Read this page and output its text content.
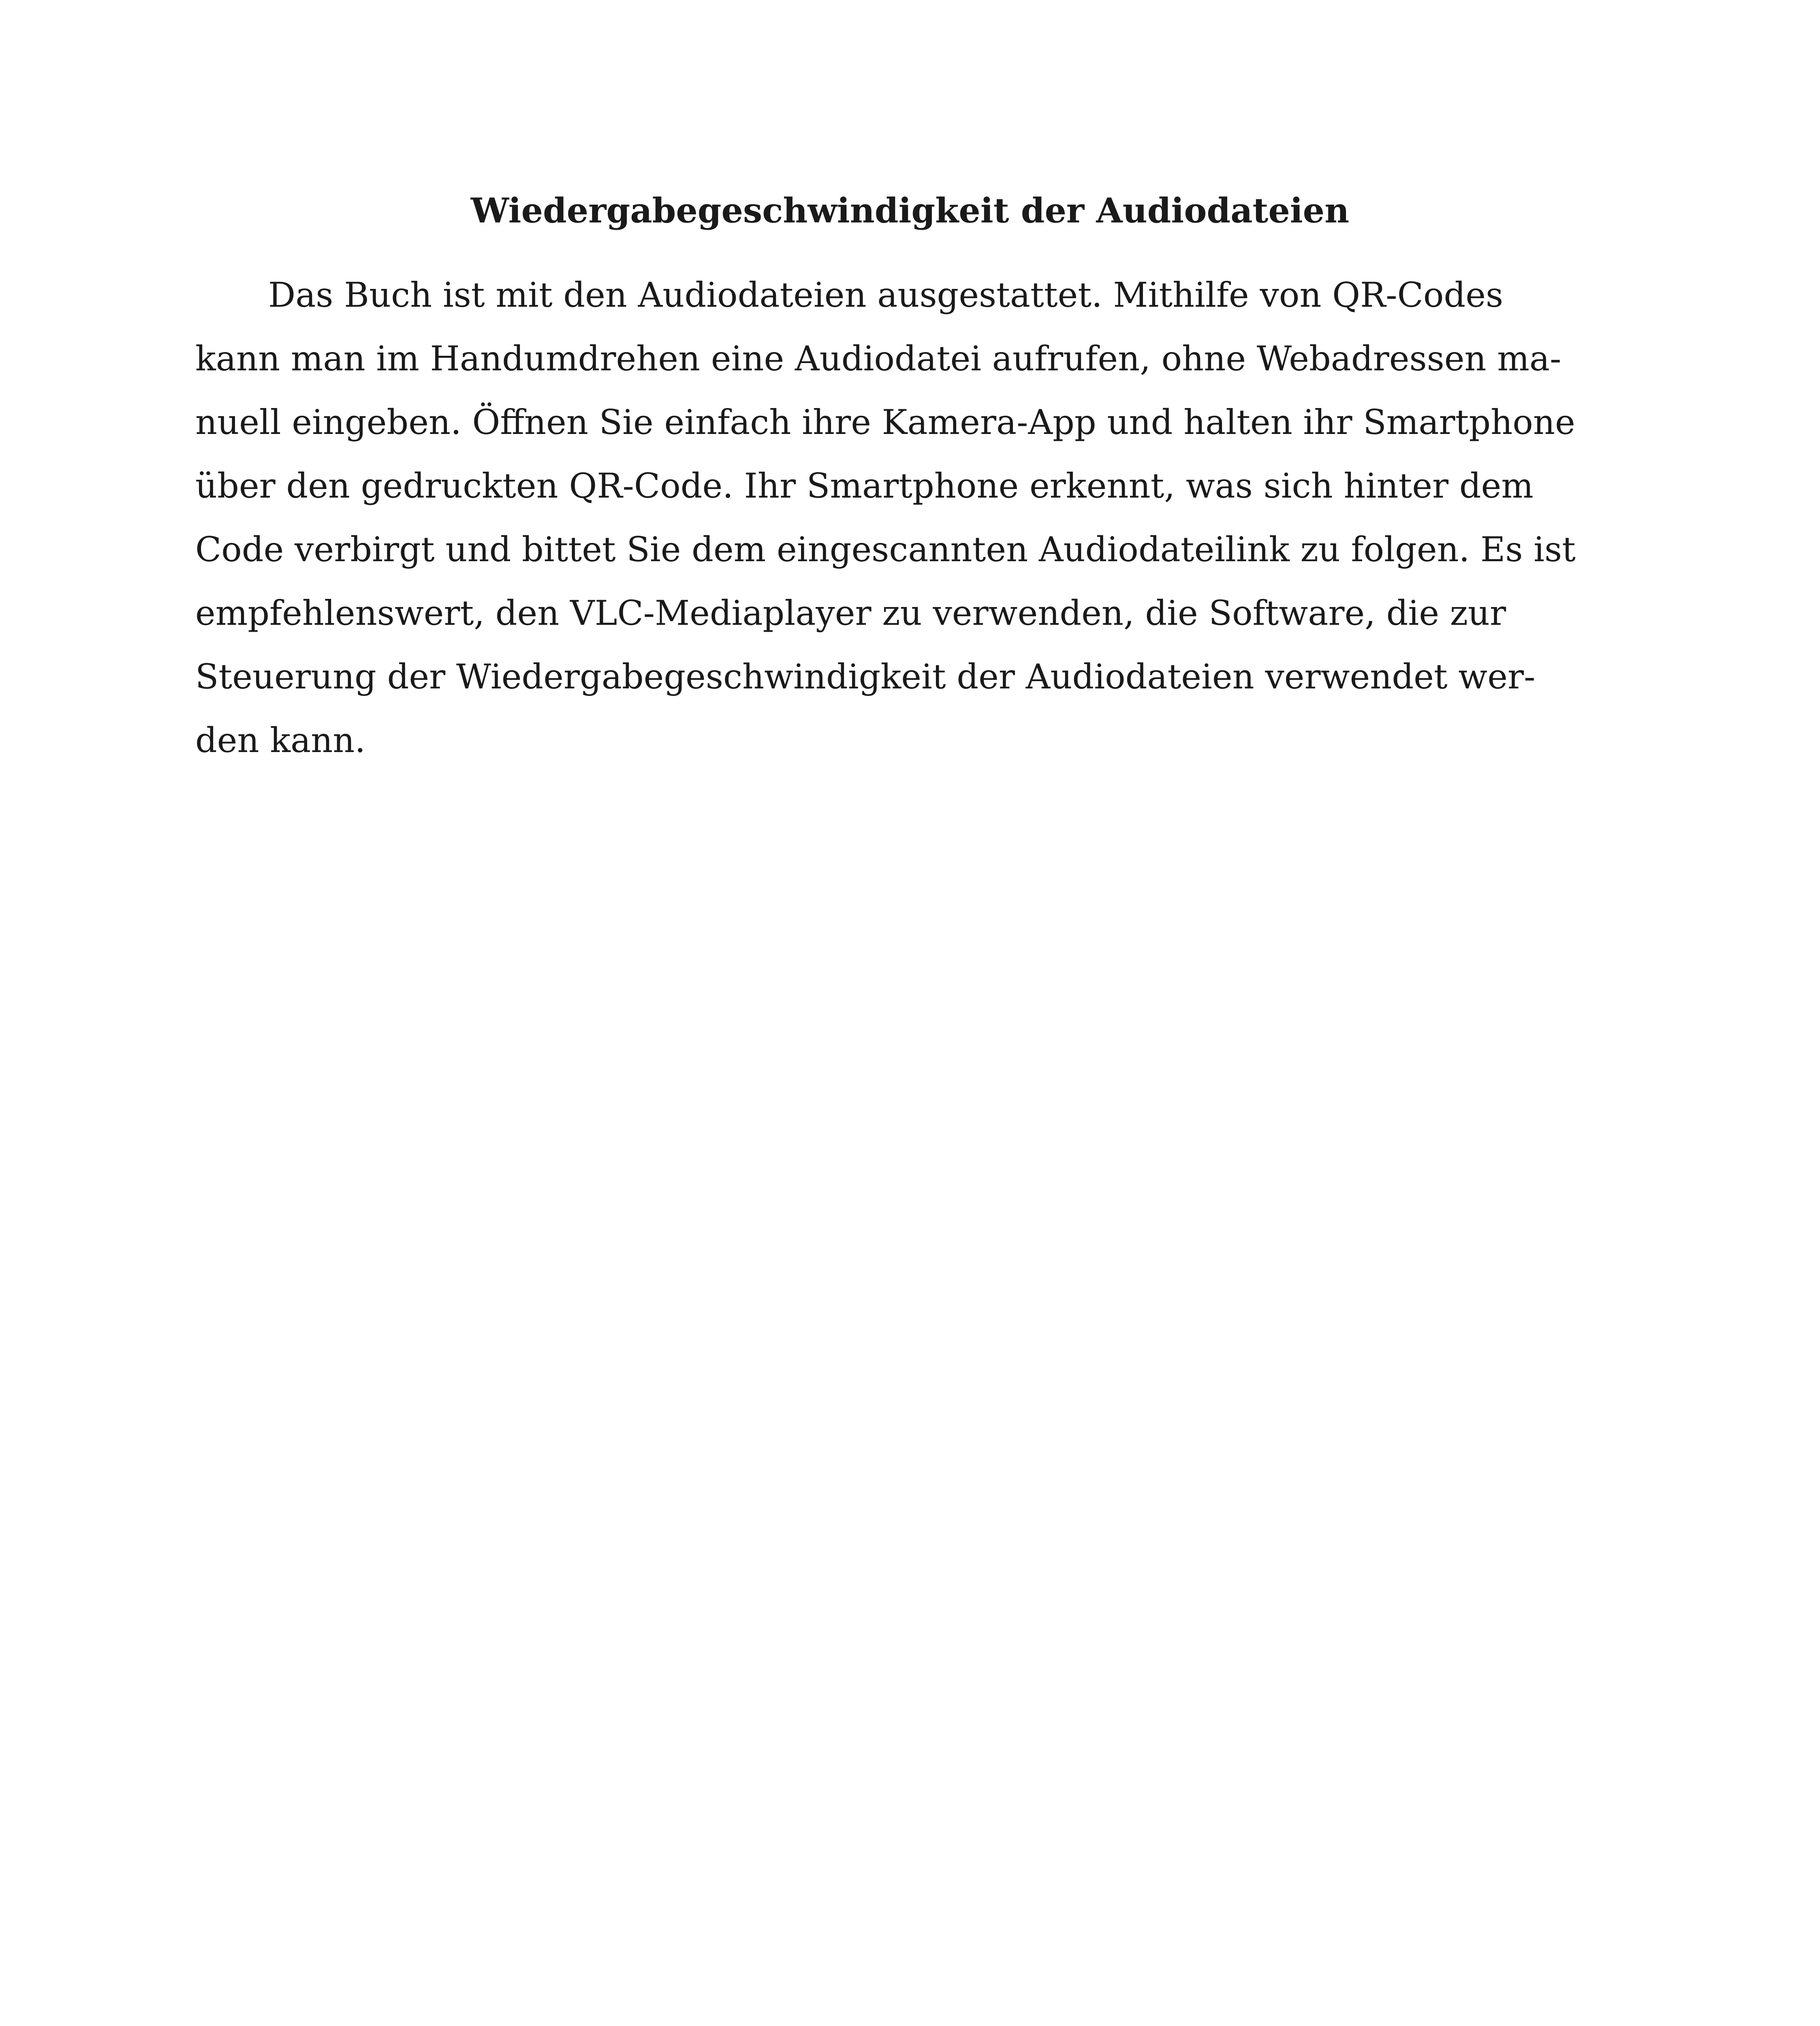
Wiedergabegeschwindigkeit der Audiodateien

Das Buch ist mit den Audiodateien ausgestattet. Mithilfe von QR-Codes
kann man im Handumdrehen eine Audiodatei aufrufen, ohne Webadressen ma-
nuell eingeben. Öffnen Sie einfach ihre Kamera-App und halten ihr Smartphone
über den gedruckten QR-Code. Ihr Smartphone erkennt, was sich hinter dem
Code verbirgt und bittet Sie dem eingescannten Audiodateilink zu folgen. Es ist
empfehlenswert, den VLC-Mediaplayer zu verwenden, die Software, die zur
Steuerung der Wiedergabegeschwindigkeit der Audiodateien verwendet wer-
den kann.
